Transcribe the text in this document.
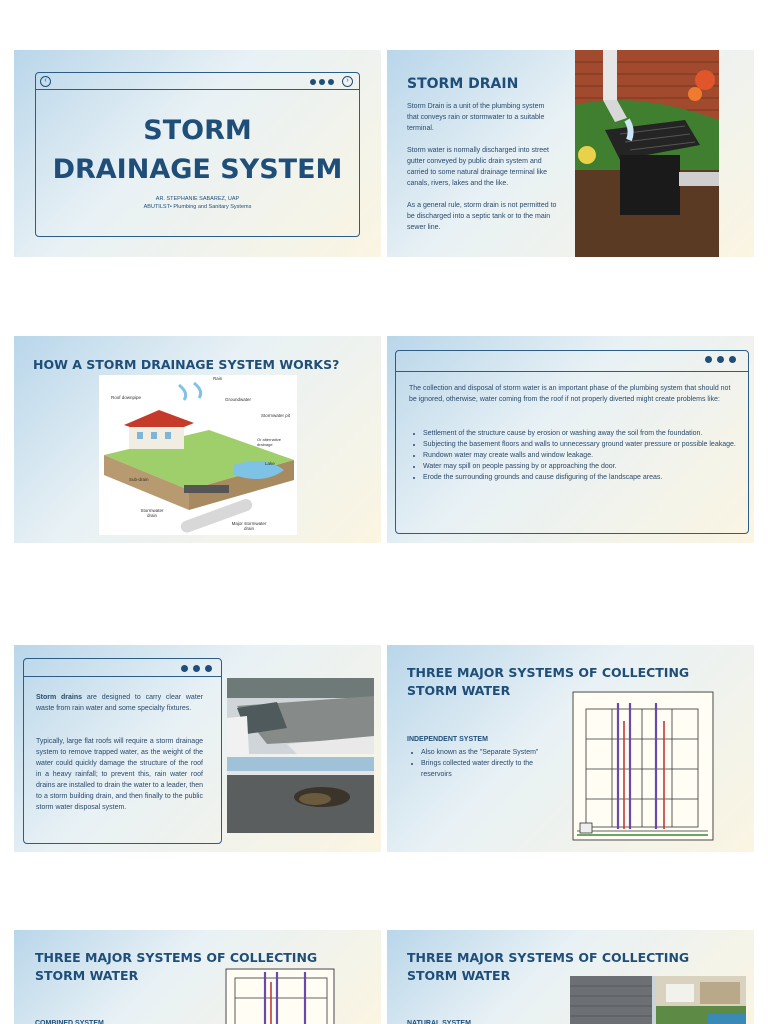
‹	›
STORM
DRAINAGE SYSTEM
AR. STEPHANIE SABAREZ, UAP
ABUTILST• Plumbing and Sanitary Systems
STORM DRAIN

Storm Drain is a unit of the plumbing system that conveys rain or stormwater to a suitable terminal.

Storm water is normally discharged into street gutter conveyed by public drain system and carried to some natural drainage terminal like canals, rivers, lakes and the like.

As a general rule, storm drain is not permitted to be discharged into a septic tank or to the main sewer line.

HOW A STORM DRAINAGE SYSTEM WORKS?
Rain
Roof downpipe	Groundwater
Stormwater pit
Or alternative drainage
Lake
Sub-drain
Stormwater drain
Major stormwater drain

The collection and disposal of storm water is an important phase of the plumbing system that should not be ignored, otherwise, water coming from the roof if not properly diverted might create problems like:

• Settlement of the structure cause by erosion or washing away the soil from the foundation.
• Subjecting the basement floors and walls to unnecessary ground water pressure or possible leakage.
• Rundown water may create walls and window leakage.
• Water may spill on people passing by or approaching the door.
• Erode the surrounding grounds and cause disfiguring of the landscape areas.

Storm drains are designed to carry clear water waste from rain water and some specialty fixtures.

Typically, large flat roofs will require a storm drainage system to remove trapped water, as the weight of the water could quickly damage the structure of the roof in a heavy rainfall; to prevent this, rain water roof drains are installed to drain the water to a leader, then to a storm building drain, and then finally to the public storm water disposal system.

THREE MAJOR SYSTEMS OF COLLECTING
STORM WATER
INDEPENDENT SYSTEM
• Also known as the "Separate System"
• Brings collected water directly to the reservoirs
THREE MAJOR SYSTEMS OF COLLECTING
STORM WATER
COMBINED SYSTEM
THREE MAJOR SYSTEMS OF COLLECTING
STORM WATER
NATURAL SYSTEM
